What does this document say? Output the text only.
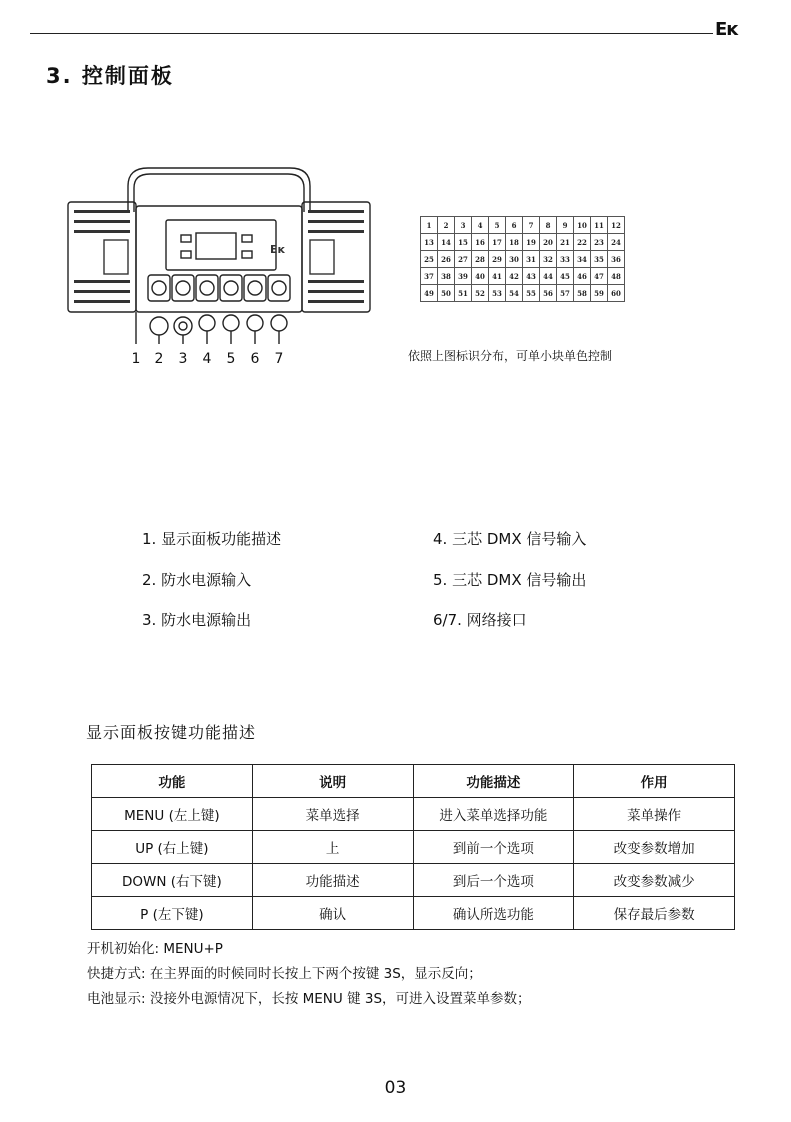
Eᴋ
3. 控制面板
Eᴋ
1 2 3 4 5 6 7
1	2	3	4	5	6	7	8	9	10	11	12
13	14	15	16	17	18	19	20	21	22	23	24
25	26	27	28	29	30	31	32	33	34	35	36
37	38	39	40	41	42	43	44	45	46	47	48
49	50	51	52	53	54	55	56	57	58	59	60
依照上图标识分布，可单小块单色控制
1. 显示面板功能描述
2. 防水电源输入
3. 防水电源输出
4. 三芯 DMX 信号输入
5. 三芯 DMX 信号输出
6/7. 网络接口
显示面板按键功能描述
功能	说明	功能描述	作用
MENU (左上键)	菜单选择	进入菜单选择功能	菜单操作
UP (右上键)	上	到前一个选项	改变参数增加
DOWN (右下键)	功能描述	到后一个选项	改变参数减少
P (左下键)	确认	确认所选功能	保存最后参数
开机初始化: MENU+P
快捷方式: 在主界面的时候同时长按上下两个按键 3S，显示反向；
电池显示: 没接外电源情况下，长按 MENU 键 3S，可进入设置菜单参数；
03
